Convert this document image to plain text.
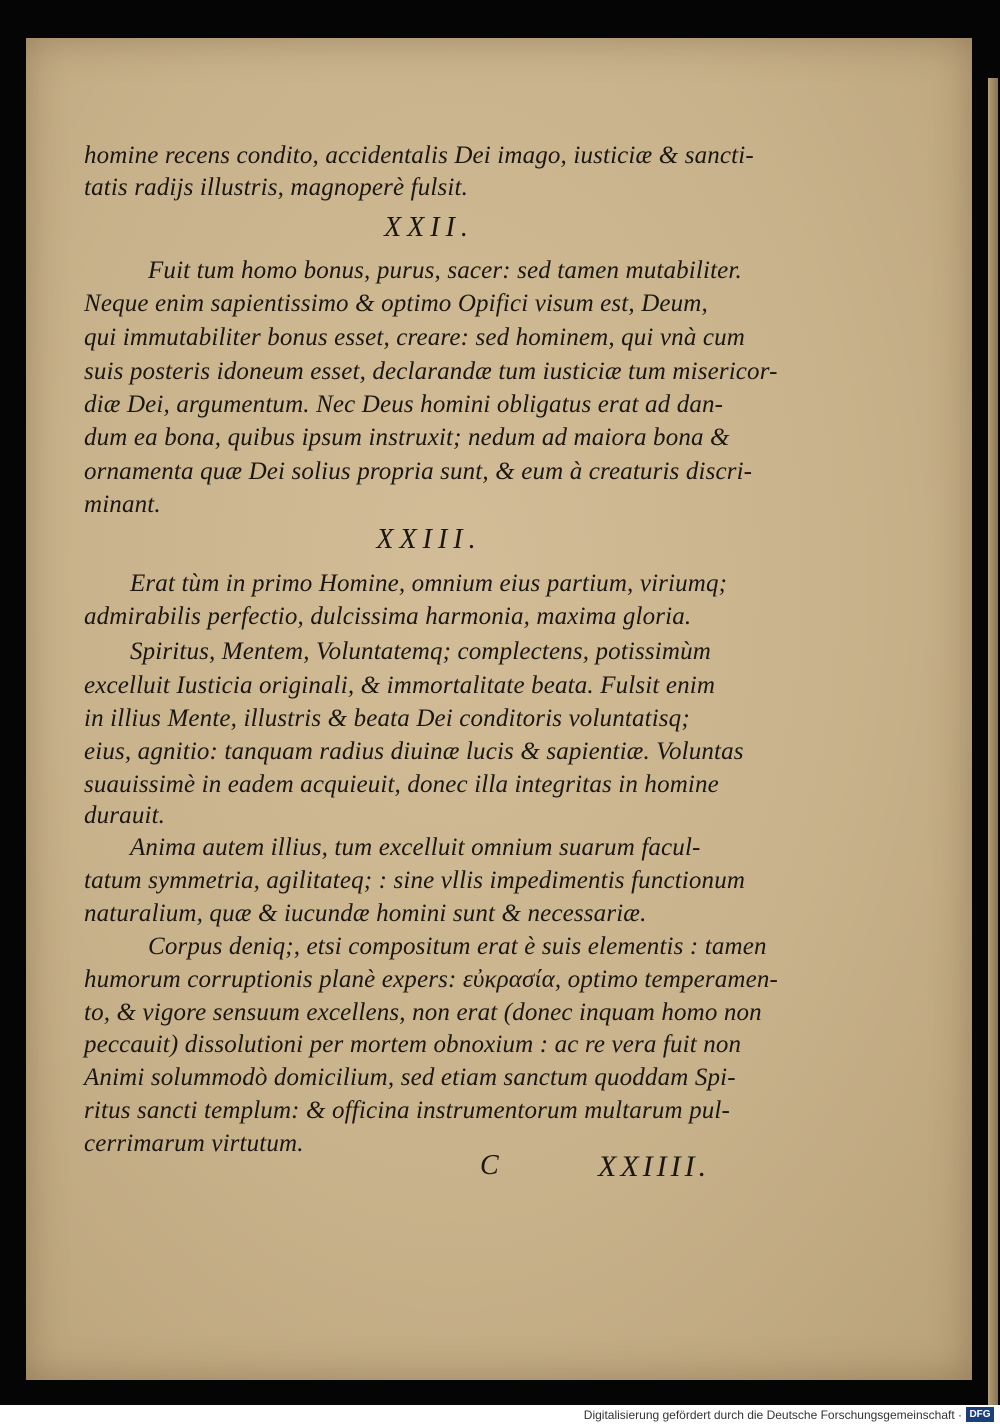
homine recens condito, accidentalis Dei imago, iusticiæ & sancti-

tatis radijs illustris, magnoperè fulsit.

XXII.

Fuit tum homo bonus, purus, sacer: sed tamen mutabiliter.

Neque enim sapientissimo & optimo Opifici visum est, Deum,

qui immutabiliter bonus esset, creare: sed hominem, qui vnà cum

suis posteris idoneum esset, declarandæ tum iusticiæ tum misericor-

diæ Dei, argumentum. Nec Deus homini obligatus erat ad dan-

dum ea bona, quibus ipsum instruxit; nedum ad maiora bona &

ornamenta quæ Dei solius propria sunt, & eum à creaturis discri-

minant.

XXIII.

Erat tùm in primo Homine, omnium eius partium, viriumq;

admirabilis perfectio, dulcissima harmonia, maxima gloria.

Spiritus, Mentem, Voluntatemq; complectens, potissimùm

excelluit Iusticia originali, & immortalitate beata. Fulsit enim

in illius Mente, illustris & beata Dei conditoris voluntatisq;

eius, agnitio: tanquam radius diuinæ lucis & sapientiæ. Voluntas

suauissimè in eadem acquieuit, donec illa integritas in homine

durauit.

Anima autem illius, tum excelluit omnium suarum facul-

tatum symmetria, agilitateq; : sine vllis impedimentis functionum

naturalium, quæ & iucundæ homini sunt & necessariæ.

Corpus deniq;, etsi compositum erat è suis elementis : tamen

humorum corruptionis planè expers: εὐκρασία, optimo temperamen-

to, & vigore sensuum excellens, non erat (donec inquam homo non

peccauit) dissolutioni per mortem obnoxium : ac re vera fuit non

Animi solummodò domicilium, sed etiam sanctum quoddam Spi-

ritus sancti templum: & officina instrumentorum multarum pul-

cerrimarum virtutum.

C	XXIIII.
Digitalisierung gefördert durch die Deutsche Forschungsgemeinschaft · DFG
